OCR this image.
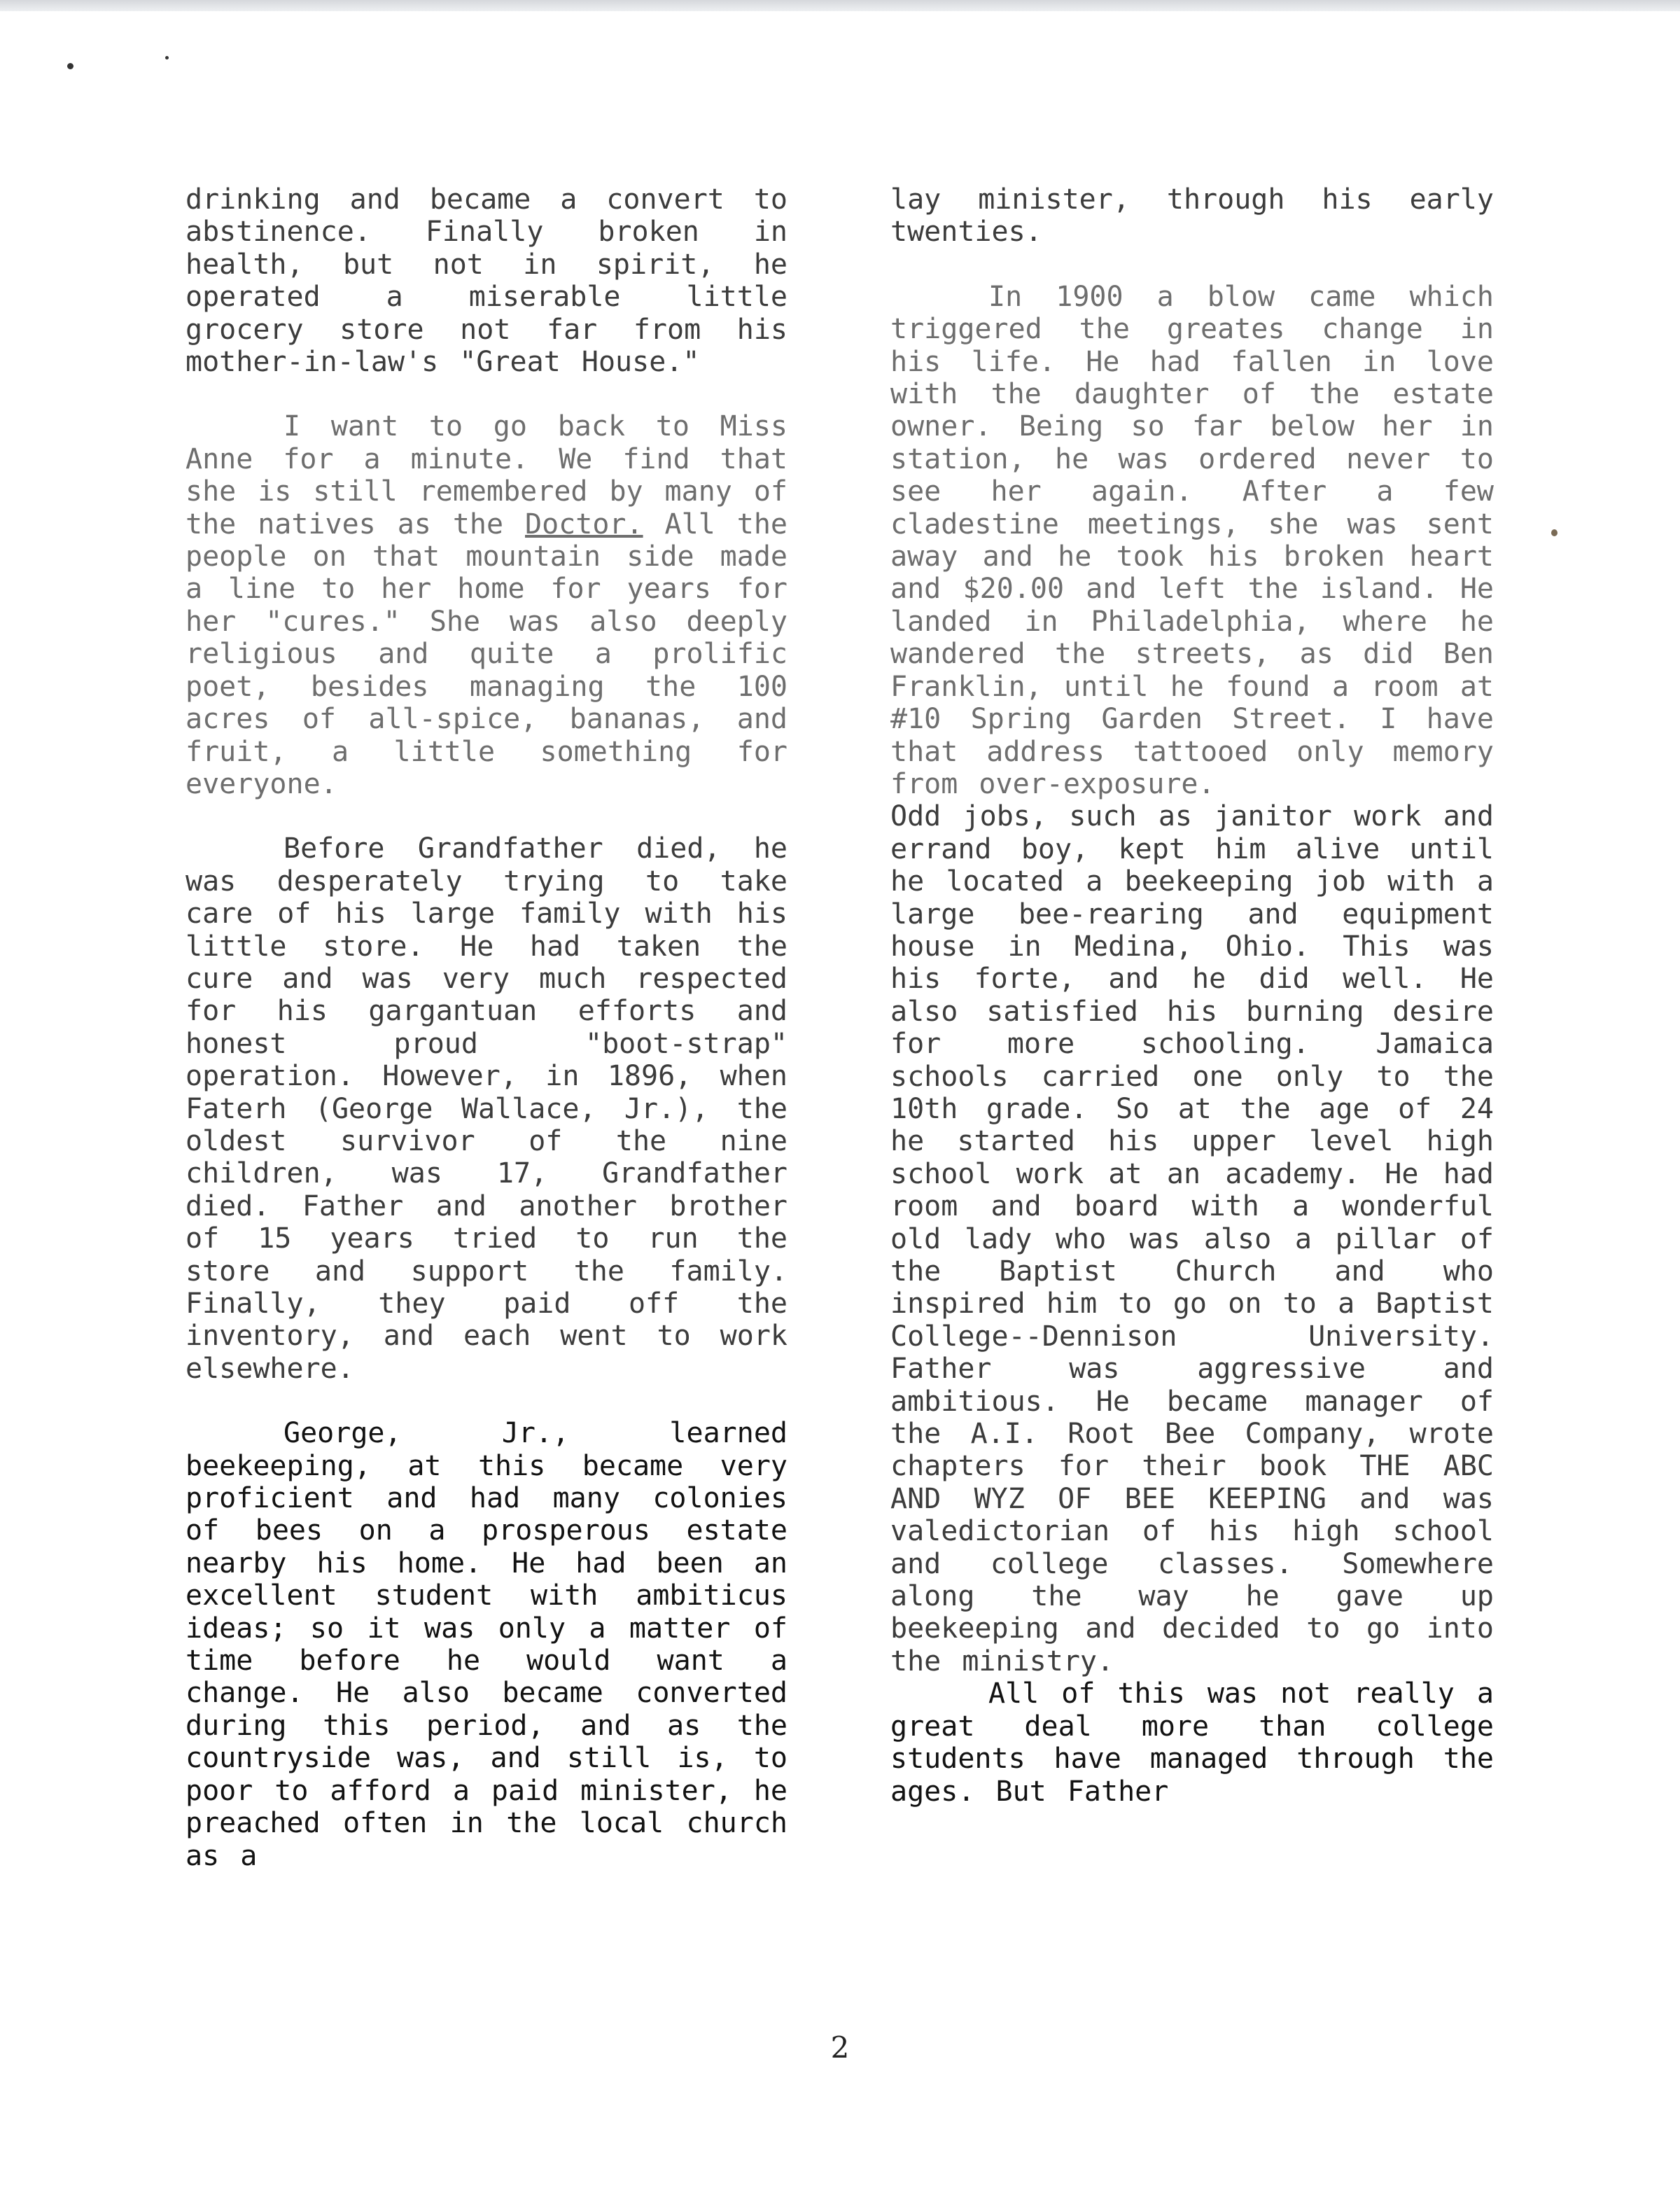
drinking and became a convert to abstinence. Finally broken in health, but not in spirit, he operated a miserable little grocery store not far from his mother-in-law's "Great House."

I want to go back to Miss Anne for a minute. We find that she is still remembered by many of the natives as the Doctor. All the people on that mountain side made a line to her home for years for her "cures." She was also deeply religious and quite a prolific poet, besides managing the 100 acres of all-spice, bananas, and fruit, a little something for everyone.

Before Grandfather died, he was desperately trying to take care of his large family with his little store. He had taken the cure and was very much respected for his gargantuan efforts and honest proud "boot-strap" operation. However, in 1896, when Faterh (George Wallace, Jr.), the oldest survivor of the nine children, was 17, Grandfather died. Father and another brother of 15 years tried to run the store and support the family. Finally, they paid off the inventory, and each went to work elsewhere.

George, Jr., learned beekeeping, at this became very proficient and had many colonies of bees on a prosperous estate nearby his home. He had been an excellent student with ambiticus ideas; so it was only a matter of time before he would want a change. He also became converted during this period, and as the countryside was, and still is, to poor to afford a paid minister, he preached often in the local church as a

lay minister, through his early twenties.

In 1900 a blow came which triggered the greates change in his life. He had fallen in love with the daughter of the estate owner. Being so far below her in station, he was ordered never to see her again. After a few cladestine meetings, she was sent away and he took his broken heart and $20.00 and left the island. He landed in Philadelphia, where he wandered the streets, as did Ben Franklin, until he found a room at #10 Spring Garden Street. I have that address tattooed only memory from over-exposure.

Odd jobs, such as janitor work and errand boy, kept him alive until he located a beekeeping job with a large bee-rearing and equipment house in Medina, Ohio. This was his forte, and he did well. He also satisfied his burning desire for more schooling. Jamaica schools carried one only to the 10th grade. So at the age of 24 he started his upper level high school work at an academy. He had room and board with a wonderful old lady who was also a pillar of the Baptist Church and who inspired him to go on to a Baptist College--Dennison University. Father was aggressive and ambitious. He became manager of the A.I. Root Bee Company, wrote chapters for their book THE ABC AND WYZ OF BEE KEEPING and was valedictorian of his high school and college classes. Somewhere along the way he gave up beekeeping and decided to go into the ministry.

All of this was not really a great deal more than college students have managed through the ages. But Father

2
